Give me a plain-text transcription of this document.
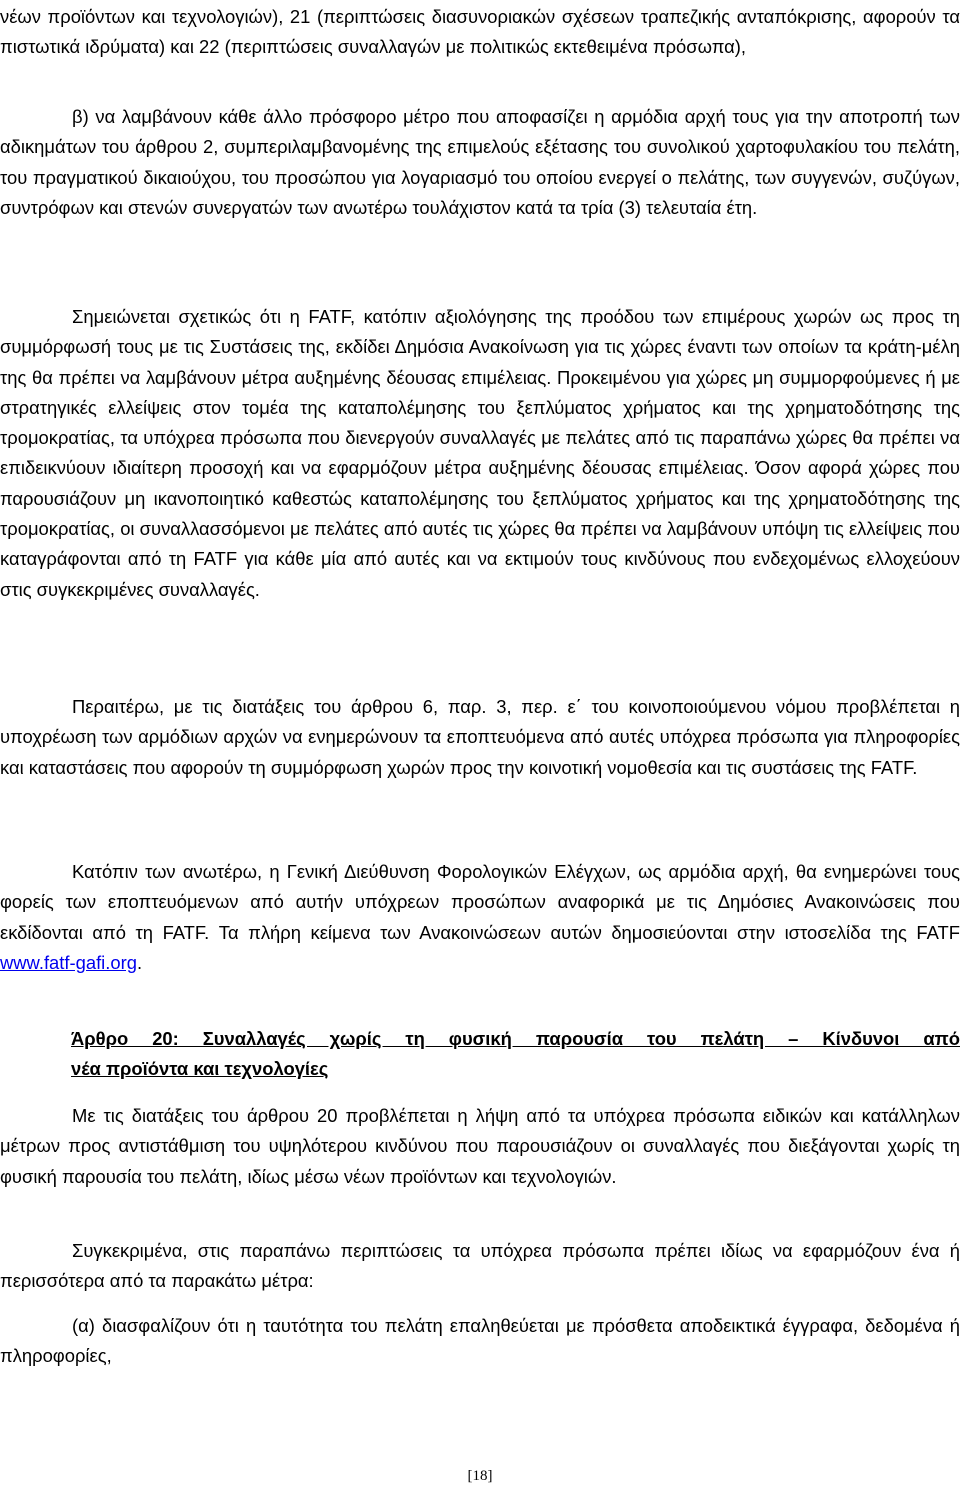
νέων προϊόντων και τεχνολογιών), 21 (περιπτώσεις διασυνοριακών σχέσεων τραπεζικής ανταπόκρισης, αφορούν τα πιστωτικά ιδρύματα) και 22 (περιπτώσεις συναλλαγών με πολιτικώς εκτεθειμένα πρόσωπα),

β) να λαμβάνουν κάθε άλλο πρόσφορο μέτρο που αποφασίζει η αρμόδια αρχή τους για την αποτροπή των αδικημάτων του άρθρου 2, συμπεριλαμβανομένης της επιμελούς εξέτασης του συνολικού χαρτοφυλακίου του πελάτη, του πραγματικού δικαιούχου, του προσώπου για λογαριασμό του οποίου ενεργεί ο πελάτης, των συγγενών, συζύγων, συντρόφων και στενών συνεργατών των ανωτέρω τουλάχιστον κατά τα τρία (3) τελευταία έτη.

Σημειώνεται σχετικώς ότι η FATF, κατόπιν αξιολόγησης της προόδου των επιμέρους χωρών ως προς τη συμμόρφωσή τους με τις Συστάσεις της, εκδίδει Δημόσια Ανακοίνωση για τις χώρες έναντι των οποίων τα κράτη-μέλη της θα πρέπει να λαμβάνουν μέτρα αυξημένης δέουσας επιμέλειας. Προκειμένου για χώρες μη συμμορφούμενες ή με στρατηγικές ελλείψεις στον τομέα της καταπολέμησης του ξεπλύματος χρήματος και της χρηματοδότησης της τρομοκρατίας, τα υπόχρεα πρόσωπα που διενεργούν συναλλαγές με πελάτες από τις παραπάνω χώρες θα πρέπει να επιδεικνύουν ιδιαίτερη προσοχή και να εφαρμόζουν μέτρα αυξημένης δέουσας επιμέλειας. Όσον αφορά χώρες που παρουσιάζουν μη ικανοποιητικό καθεστώς καταπολέμησης του ξεπλύματος χρήματος και της χρηματοδότησης της τρομοκρατίας, οι συναλλασσόμενοι με πελάτες από αυτές τις χώρες θα πρέπει να λαμβάνουν υπόψη τις ελλείψεις που καταγράφονται από τη FATF για κάθε μία από αυτές και να εκτιμούν τους κινδύνους που ενδεχομένως ελλοχεύουν στις συγκεκριμένες συναλλαγές.

Περαιτέρω, με τις διατάξεις του άρθρου 6, παρ. 3, περ. ε΄ του κοινοποιούμενου νόμου προβλέπεται η υποχρέωση των αρμόδιων αρχών να ενημερώνουν τα εποπτευόμενα από αυτές υπόχρεα πρόσωπα για πληροφορίες και καταστάσεις που αφορούν τη συμμόρφωση χωρών προς την κοινοτική νομοθεσία και τις συστάσεις της FATF.

Κατόπιν των ανωτέρω, η Γενική Διεύθυνση Φορολογικών Ελέγχων, ως αρμόδια αρχή, θα ενημερώνει τους φορείς των εποπτευόμενων από αυτήν υπόχρεων προσώπων αναφορικά με τις Δημόσιες Ανακοινώσεις που εκδίδονται από τη FATF. Τα πλήρη κείμενα των Ανακοινώσεων αυτών δημοσιεύονται στην ιστοσελίδα της FATF www.fatf-gafi.org.

Άρθρο 20: Συναλλαγές χωρίς τη φυσική παρουσία του πελάτη – Κίνδυνοι από

νέα προϊόντα και τεχνολογίες

Με τις διατάξεις του άρθρου 20 προβλέπεται η λήψη από τα υπόχρεα πρόσωπα ειδικών και κατάλληλων μέτρων προς αντιστάθμιση του υψηλότερου κινδύνου που παρουσιάζουν οι συναλλαγές που διεξάγονται χωρίς τη φυσική παρουσία του πελάτη, ιδίως μέσω νέων προϊόντων και τεχνολογιών.

Συγκεκριμένα, στις παραπάνω περιπτώσεις τα υπόχρεα πρόσωπα πρέπει ιδίως να εφαρμόζουν ένα ή περισσότερα από τα παρακάτω μέτρα:

(α) διασφαλίζουν ότι η ταυτότητα του πελάτη επαληθεύεται με πρόσθετα αποδεικτικά έγγραφα, δεδομένα ή πληροφορίες,

[18]
